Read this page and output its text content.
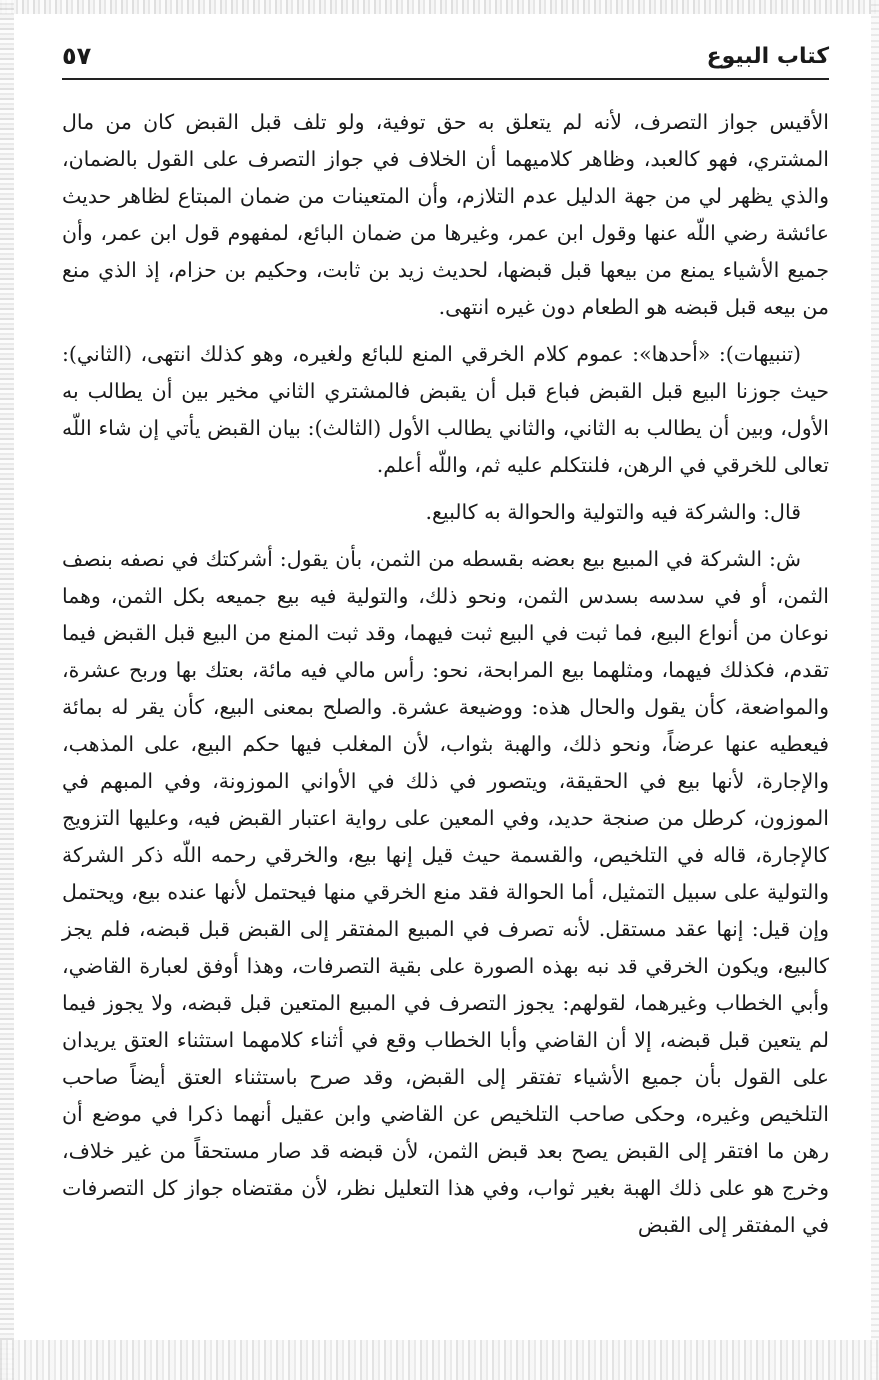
كتاب البيوع
٥٧

الأقيس جواز التصرف، لأنه لم يتعلق به حق توفية، ولو تلف قبل القبض كان من مال المشتري، فهو كالعبد، وظاهر كلاميهما أن الخلاف في جواز التصرف على القول بالضمان، والذي يظهر لي من جهة الدليل عدم التلازم، وأن المتعينات من ضمان المبتاع لظاهر حديث عائشة رضي اللّه عنها وقول ابن عمر، وغيرها من ضمان البائع، لمفهوم قول ابن عمر، وأن جميع الأشياء يمنع من بيعها قبل قبضها، لحديث زيد بن ثابت، وحكيم بن حزام، إذ الذي منع من بيعه قبل قبضه هو الطعام دون غيره انتهى.

(تنبيهات): «أحدها»: عموم كلام الخرقي المنع للبائع ولغيره، وهو كذلك انتهى، (الثاني): حيث جوزنا البيع قبل القبض فباع قبل أن يقبض فالمشتري الثاني مخير بين أن يطالب به الأول، وبين أن يطالب به الثاني، والثاني يطالب الأول (الثالث): بيان القبض يأتي إن شاء اللّه تعالى للخرقي في الرهن، فلنتكلم عليه ثم، واللّه أعلم.

قال: والشركة فيه والتولية والحوالة به كالبيع.

ش: الشركة في المبيع بيع بعضه بقسطه من الثمن، بأن يقول: أشركتك في نصفه بنصف الثمن، أو في سدسه بسدس الثمن، ونحو ذلك، والتولية فيه بيع جميعه بكل الثمن، وهما نوعان من أنواع البيع، فما ثبت في البيع ثبت فيهما، وقد ثبت المنع من البيع قبل القبض فيما تقدم، فكذلك فيهما، ومثلهما بيع المرابحة، نحو: رأس مالي فيه مائة، بعتك بها وربح عشرة، والمواضعة، كأن يقول والحال هذه: ووضيعة عشرة. والصلح بمعنى البيع، كأن يقر له بمائة فيعطيه عنها عرضاً، ونحو ذلك، والهبة بثواب، لأن المغلب فيها حكم البيع، على المذهب، والإجارة، لأنها بيع في الحقيقة، ويتصور في ذلك في الأواني الموزونة، وفي المبهم في الموزون، كرطل من صنجة حديد، وفي المعين على رواية اعتبار القبض فيه، وعليها التزويج كالإجارة، قاله في التلخيص، والقسمة حيث قيل إنها بيع، والخرقي رحمه اللّه ذكر الشركة والتولية على سبيل التمثيل، أما الحوالة فقد منع الخرقي منها فيحتمل لأنها عنده بيع، ويحتمل وإن قيل: إنها عقد مستقل. لأنه تصرف في المبيع المفتقر إلى القبض قبل قبضه، فلم يجز كالبيع، ويكون الخرقي قد نبه بهذه الصورة على بقية التصرفات، وهذا أوفق لعبارة القاضي، وأبي الخطاب وغيرهما، لقولهم: يجوز التصرف في المبيع المتعين قبل قبضه، ولا يجوز فيما لم يتعين قبل قبضه، إلا أن القاضي وأبا الخطاب وقع في أثناء كلامهما استثناء العتق يريدان على القول بأن جميع الأشياء تفتقر إلى القبض، وقد صرح باستثناء العتق أيضاً صاحب التلخيص وغيره، وحكى صاحب التلخيص عن القاضي وابن عقيل أنهما ذكرا في موضع أن رهن ما افتقر إلى القبض يصح بعد قبض الثمن، لأن قبضه قد صار مستحقاً من غير خلاف، وخرج هو على ذلك الهبة بغير ثواب، وفي هذا التعليل نظر، لأن مقتضاه جواز كل التصرفات في المفتقر إلى القبض
